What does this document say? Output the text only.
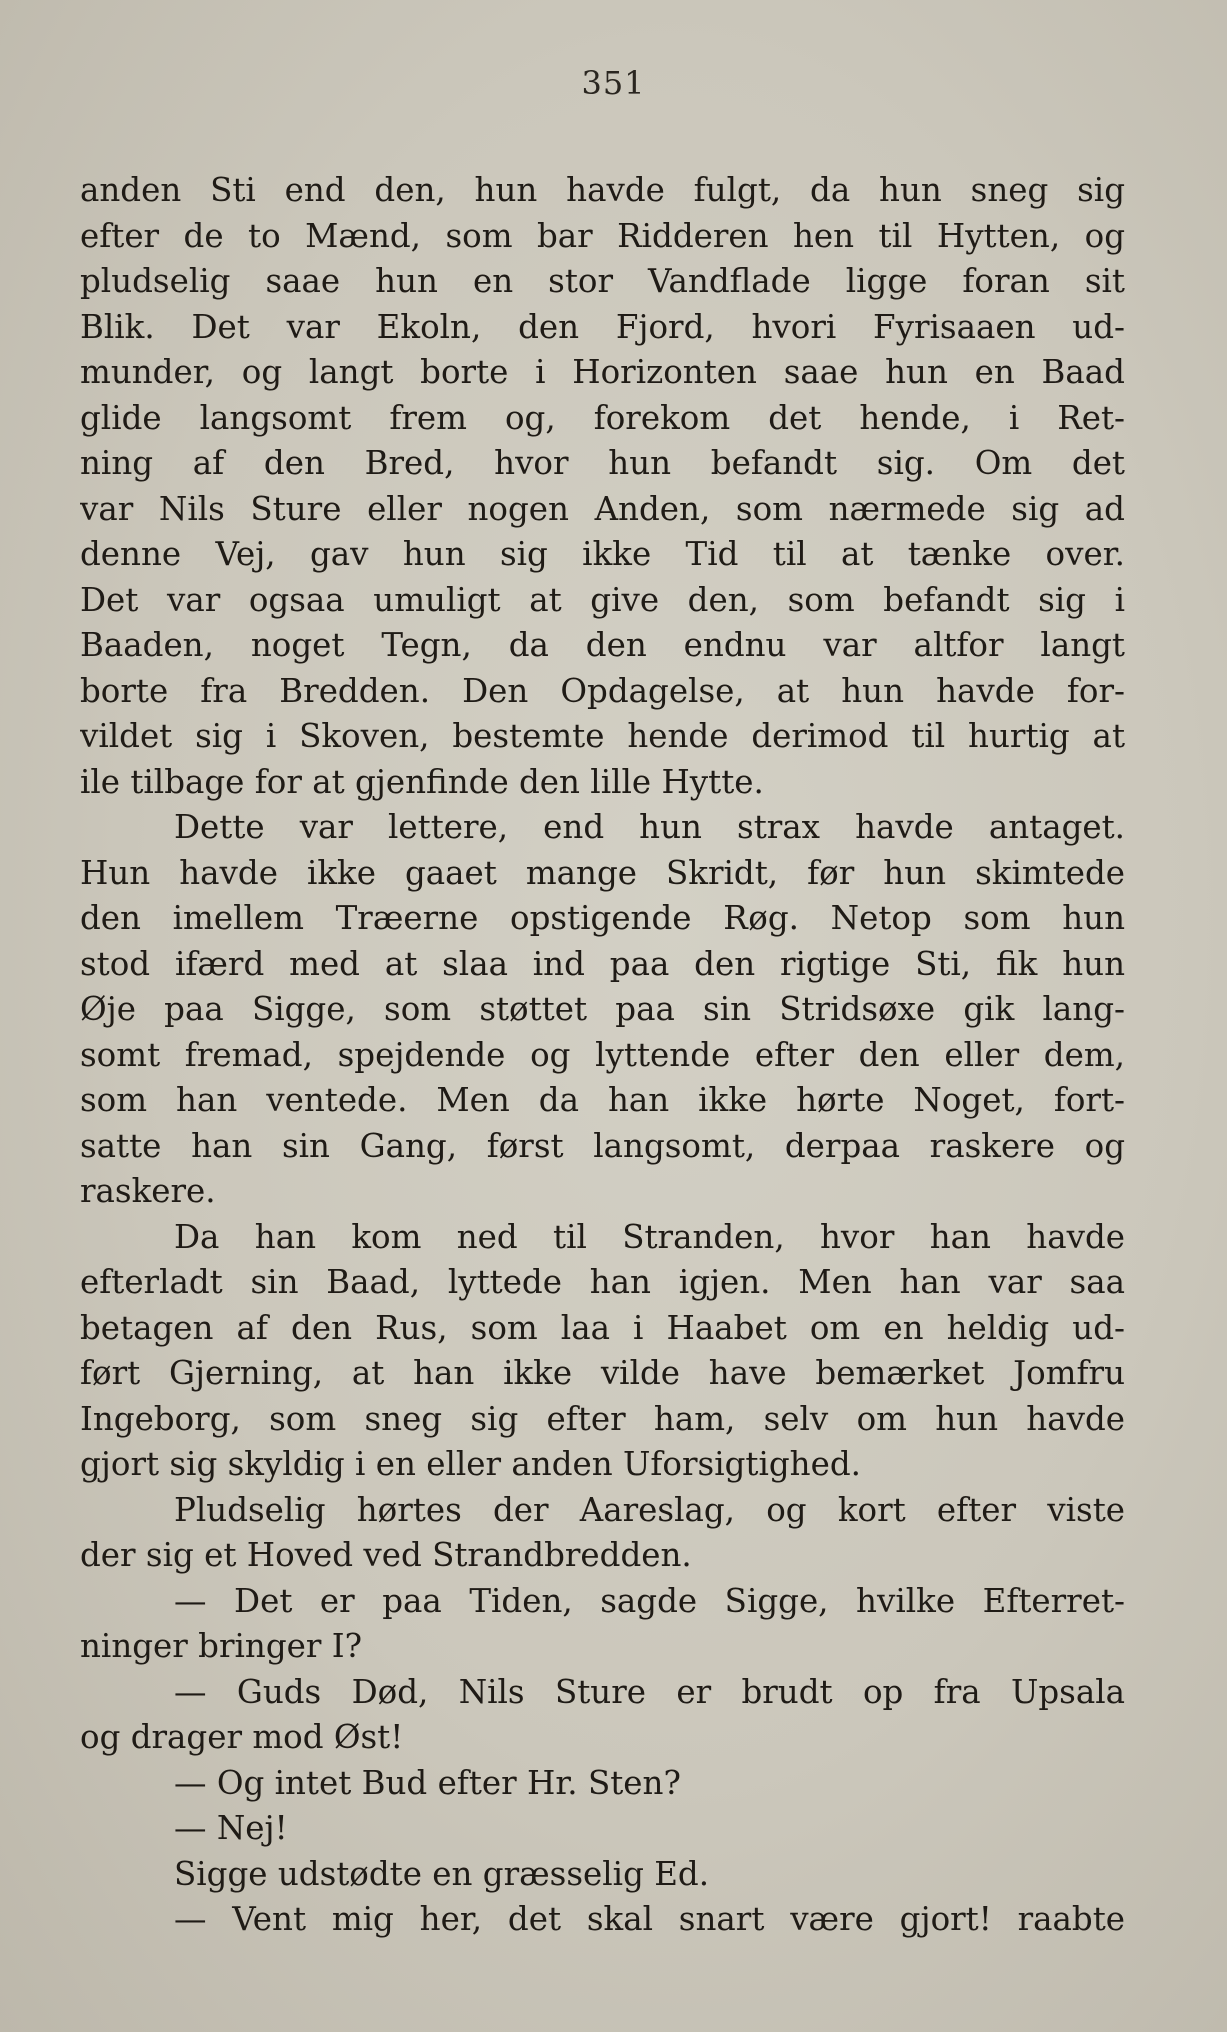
351
anden Sti end den, hun havde fulgt, da hun sneg sig
efter de to Mænd, som bar Ridderen hen til Hytten, og
pludselig saae hun en stor Vandflade ligge foran sit
Blik. Det var Ekoln, den Fjord, hvori Fyrisaaen ud-
munder, og langt borte i Horizonten saae hun en Baad
glide langsomt frem og, forekom det hende, i Ret-
ning af den Bred, hvor hun befandt sig. Om det
var Nils Sture eller nogen Anden, som nærmede sig ad
denne Vej, gav hun sig ikke Tid til at tænke over.
Det var ogsaa umuligt at give den, som befandt sig i
Baaden, noget Tegn, da den endnu var altfor langt
borte fra Bredden. Den Opdagelse, at hun havde for-
vildet sig i Skoven, bestemte hende derimod til hurtig at
ile tilbage for at gjenfinde den lille Hytte.
Dette var lettere, end hun strax havde antaget.
Hun havde ikke gaaet mange Skridt, før hun skimtede
den imellem Træerne opstigende Røg. Netop som hun
stod ifærd med at slaa ind paa den rigtige Sti, fik hun
Øje paa Sigge, som støttet paa sin Stridsøxe gik lang-
somt fremad, spejdende og lyttende efter den eller dem,
som han ventede. Men da han ikke hørte Noget, fort-
satte han sin Gang, først langsomt, derpaa raskere og
raskere.
Da han kom ned til Stranden, hvor han havde
efterladt sin Baad, lyttede han igjen. Men han var saa
betagen af den Rus, som laa i Haabet om en heldig ud-
ført Gjerning, at han ikke vilde have bemærket Jomfru
Ingeborg, som sneg sig efter ham, selv om hun havde
gjort sig skyldig i en eller anden Uforsigtighed.
Pludselig hørtes der Aareslag, og kort efter viste
der sig et Hoved ved Strandbredden.
— Det er paa Tiden, sagde Sigge, hvilke Efterret-
ninger bringer I?
— Guds Død, Nils Sture er brudt op fra Upsala
og drager mod Øst!
— Og intet Bud efter Hr. Sten?
— Nej!
Sigge udstødte en græsselig Ed.
— Vent mig her, det skal snart være gjort! raabte
